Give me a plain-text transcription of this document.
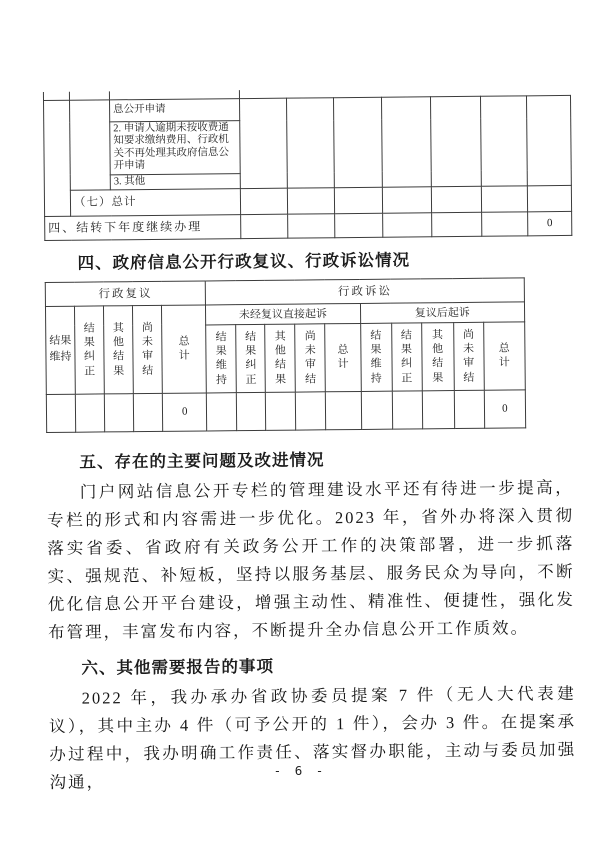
		息公开申请							
		2. 申请人逾期未按收费通知要求缴纳费用、行政机关不再处理其政府信息公开申请							
		3. 其他							
	（七）总计								
四、结转下年度继续办理									0

四、政府信息公开行政复议、行政诉讼情况

行政复议					行政诉讼									
结果维持	结果纠正	其他结果	尚未审结	总计	未经复议直接起诉					复议后起诉				
					结果维持	结果纠正	其他结果	尚未审结	总计	结果维持	结果纠正	其他结果	尚未审结	总计
				0										0

五、存在的主要问题及改进情况

门户网站信息公开专栏的管理建设水平还有待进一步提高，专栏的形式和内容需进一步优化。2023 年，省外办将深入贯彻落实省委、省政府有关政务公开工作的决策部署，进一步抓落实、强规范、补短板，坚持以服务基层、服务民众为导向，不断优化信息公开平台建设，增强主动性、精准性、便捷性，强化发布管理，丰富发布内容，不断提升全办信息公开工作质效。

六、其他需要报告的事项

2022 年，我办承办省政协委员提案 7 件（无人大代表建议），其中主办 4 件（可予公开的 1 件），会办 3 件。在提案承办过程中，我办明确工作责任、落实督办职能，主动与委员加强沟通，

- 6 -
